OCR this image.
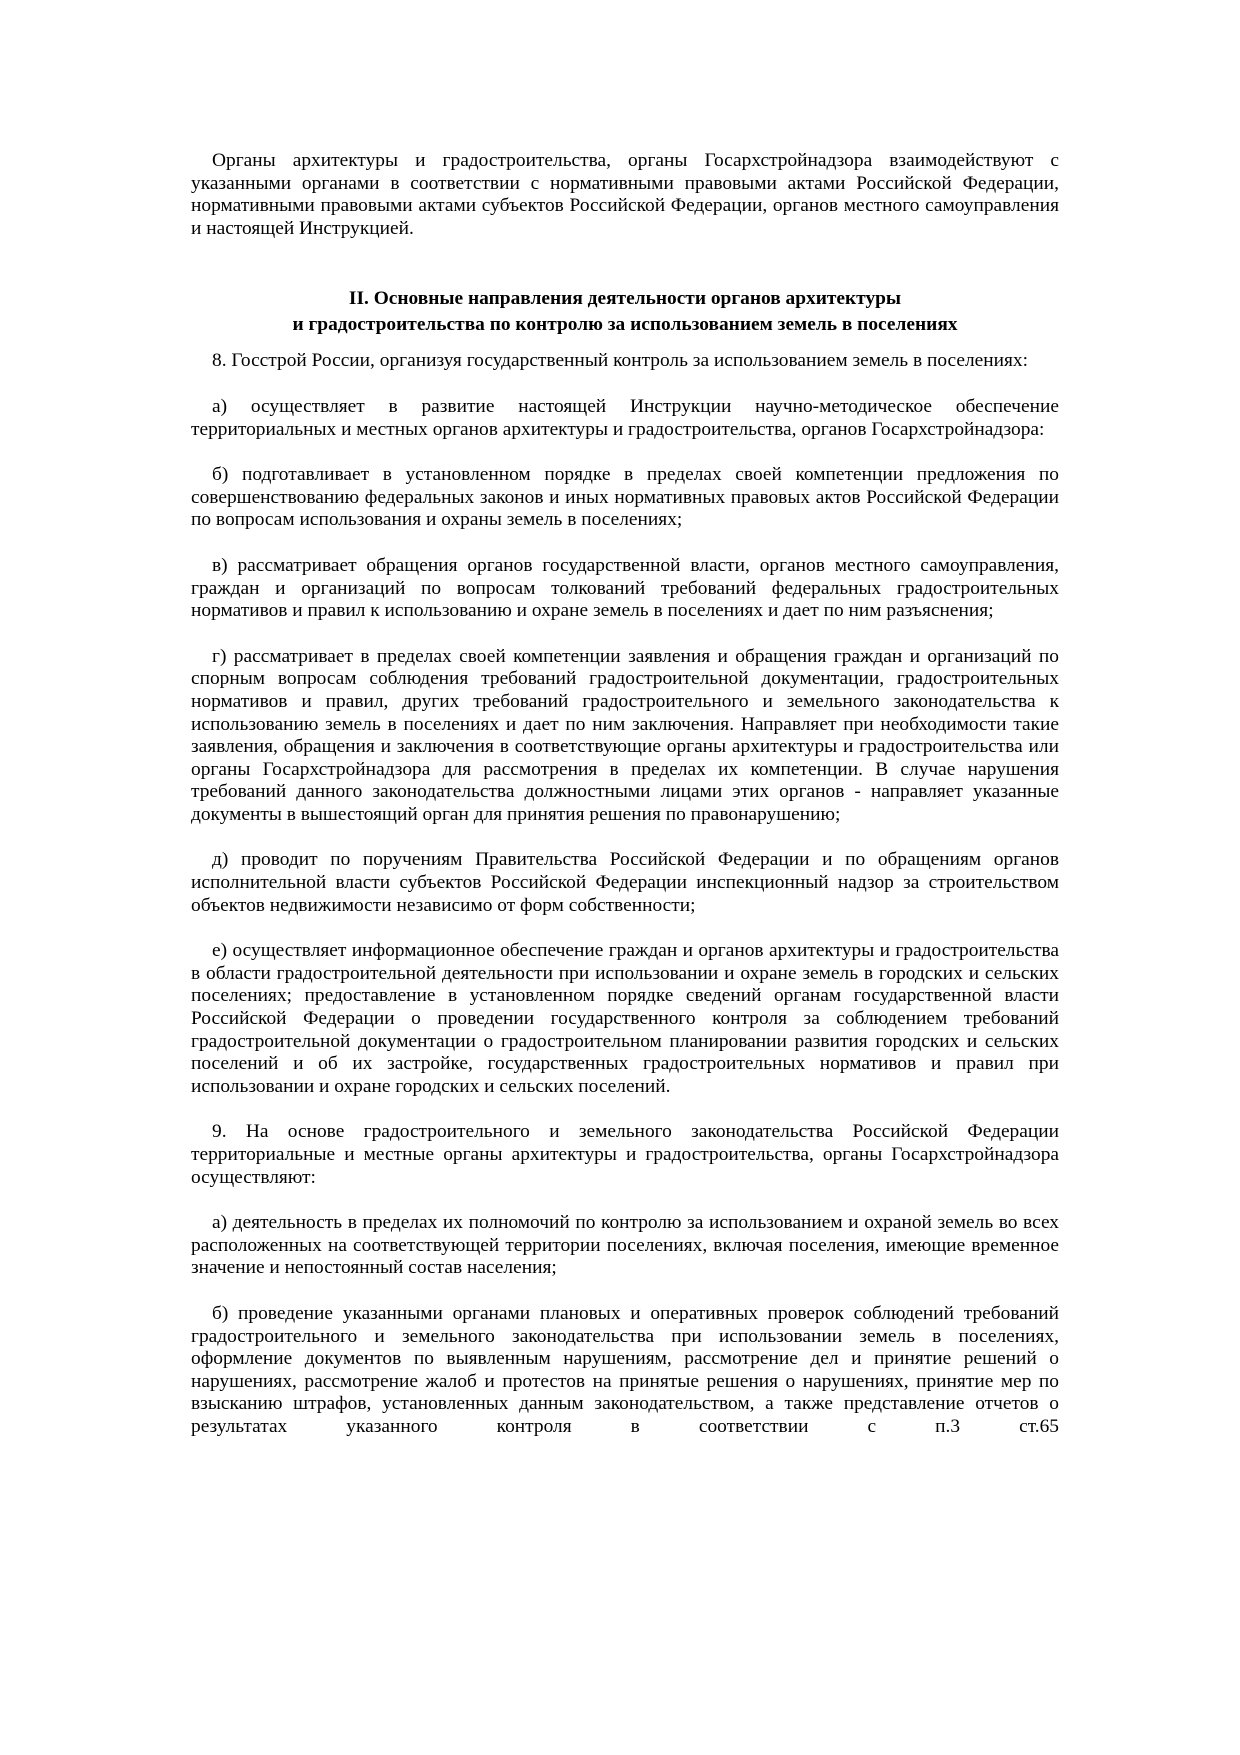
Органы архитектуры и градостроительства, органы Госархстройнадзора взаимодействуют с указанными органами в соответствии с нормативными правовыми актами Российской Федерации, нормативными правовыми актами субъектов Российской Федерации, органов местного самоуправления и настоящей Инструкцией.

II. Основные направления деятельности органов архитектуры
и градостроительства по контролю за использованием земель в поселениях

8. Госстрой России, организуя государственный контроль за использованием земель в поселениях:

а) осуществляет в развитие настоящей Инструкции научно-методическое обеспечение территориальных и местных органов архитектуры и градостроительства, органов Госархстройнадзора:

б) подготавливает в установленном порядке в пределах своей компетенции предложения по совершенствованию федеральных законов и иных нормативных правовых актов Российской Федерации по вопросам использования и охраны земель в поселениях;

в) рассматривает обращения органов государственной власти, органов местного самоуправления, граждан и организаций по вопросам толкований требований федеральных градостроительных нормативов и правил к использованию и охране земель в поселениях и дает по ним разъяснения;

г) рассматривает в пределах своей компетенции заявления и обращения граждан и организаций по спорным вопросам соблюдения требований градостроительной документации, градостроительных нормативов и правил, других требований градостроительного и земельного законодательства к использованию земель в поселениях и дает по ним заключения. Направляет при необходимости такие заявления, обращения и заключения в соответствующие органы архитектуры и градостроительства или органы Госархстройнадзора для рассмотрения в пределах их компетенции. В случае нарушения требований данного законодательства должностными лицами этих органов - направляет указанные документы в вышестоящий орган для принятия решения по правонарушению;

д) проводит по поручениям Правительства Российской Федерации и по обращениям органов исполнительной власти субъектов Российской Федерации инспекционный надзор за строительством объектов недвижимости независимо от форм собственности;

е) осуществляет информационное обеспечение граждан и органов архитектуры и градостроительства в области градостроительной деятельности при использовании и охране земель в городских и сельских поселениях; предоставление в установленном порядке сведений органам государственной власти Российской Федерации о проведении государственного контроля за соблюдением требований градостроительной документации о градостроительном планировании развития городских и сельских поселений и об их застройке, государственных градостроительных нормативов и правил при использовании и охране городских и сельских поселений.

9. На основе градостроительного и земельного законодательства Российской Федерации территориальные и местные органы архитектуры и градостроительства, органы Госархстройнадзора осуществляют:

а) деятельность в пределах их полномочий по контролю за использованием и охраной земель во всех расположенных на соответствующей территории поселениях, включая поселения, имеющие временное значение и непостоянный состав населения;

б) проведение указанными органами плановых и оперативных проверок соблюдений требований градостроительного и земельного законодательства при использовании земель в поселениях, оформление документов по выявленным нарушениям, рассмотрение дел и принятие решений о нарушениях, рассмотрение жалоб и протестов на принятые решения о нарушениях, принятие мер по взысканию штрафов, установленных данным законодательством, а также представление отчетов о результатах указанного контроля в соответствии с п.3 ст.65
